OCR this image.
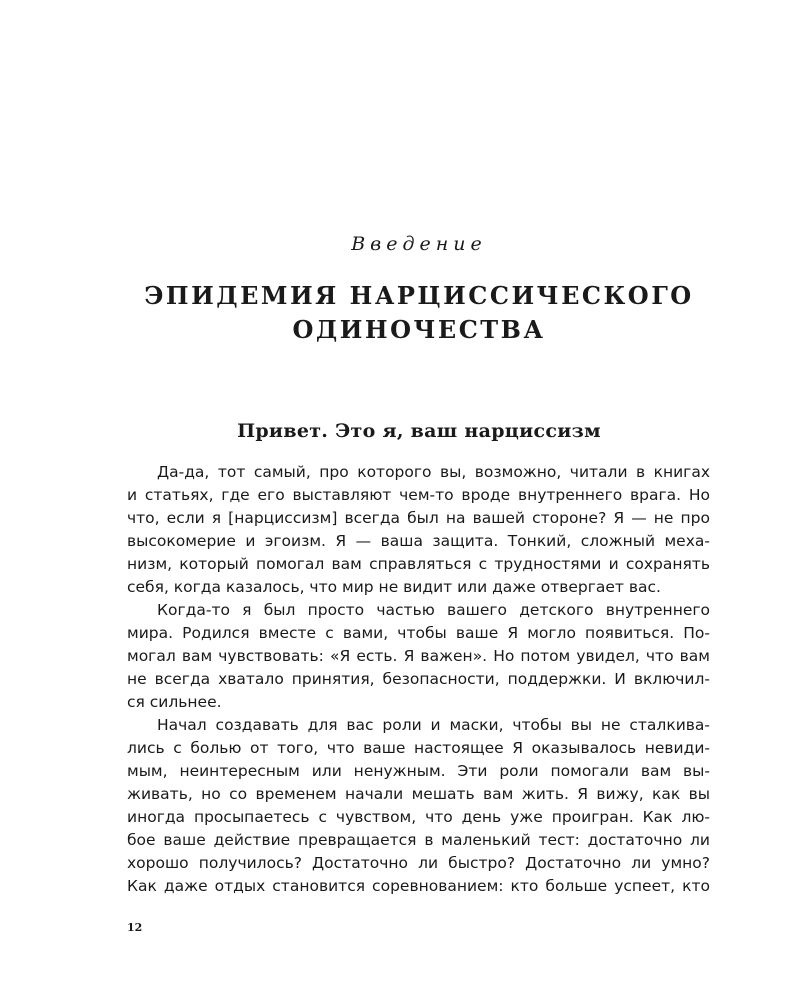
Введение
ЭПИДЕМИЯ НАРЦИССИЧЕСКОГО
ОДИНОЧЕСТВА
Привет. Это я, ваш нарциссизм
Да-да, тот самый, про которого вы, возможно, читали в книгах
и статьях, где его выставляют чем-то вроде внутреннего врага. Но
что, если я [нарциссизм] всегда был на вашей стороне? Я — не про
высокомерие и эгоизм. Я — ваша защита. Тонкий, сложный меха-
низм, который помогал вам справляться с трудностями и сохранять
себя, когда казалось, что мир не видит или даже отвергает вас.
Когда-то я был просто частью вашего детского внутреннего
мира. Родился вместе с вами, чтобы ваше Я могло появиться. По-
могал вам чувствовать: «Я есть. Я важен». Но потом увидел, что вам
не всегда хватало принятия, безопасности, поддержки. И включил-
ся сильнее.
Начал создавать для вас роли и маски, чтобы вы не сталкива-
лись с болью от того, что ваше настоящее Я оказывалось невиди-
мым, неинтересным или ненужным. Эти роли помогали вам вы-
живать, но со временем начали мешать вам жить. Я вижу, как вы
иногда просыпаетесь с чувством, что день уже проигран. Как лю-
бое ваше действие превращается в маленький тест: достаточно ли
хорошо получилось? Достаточно ли быстро? Достаточно ли умно?
Как даже отдых становится соревнованием: кто больше успеет, кто
12
